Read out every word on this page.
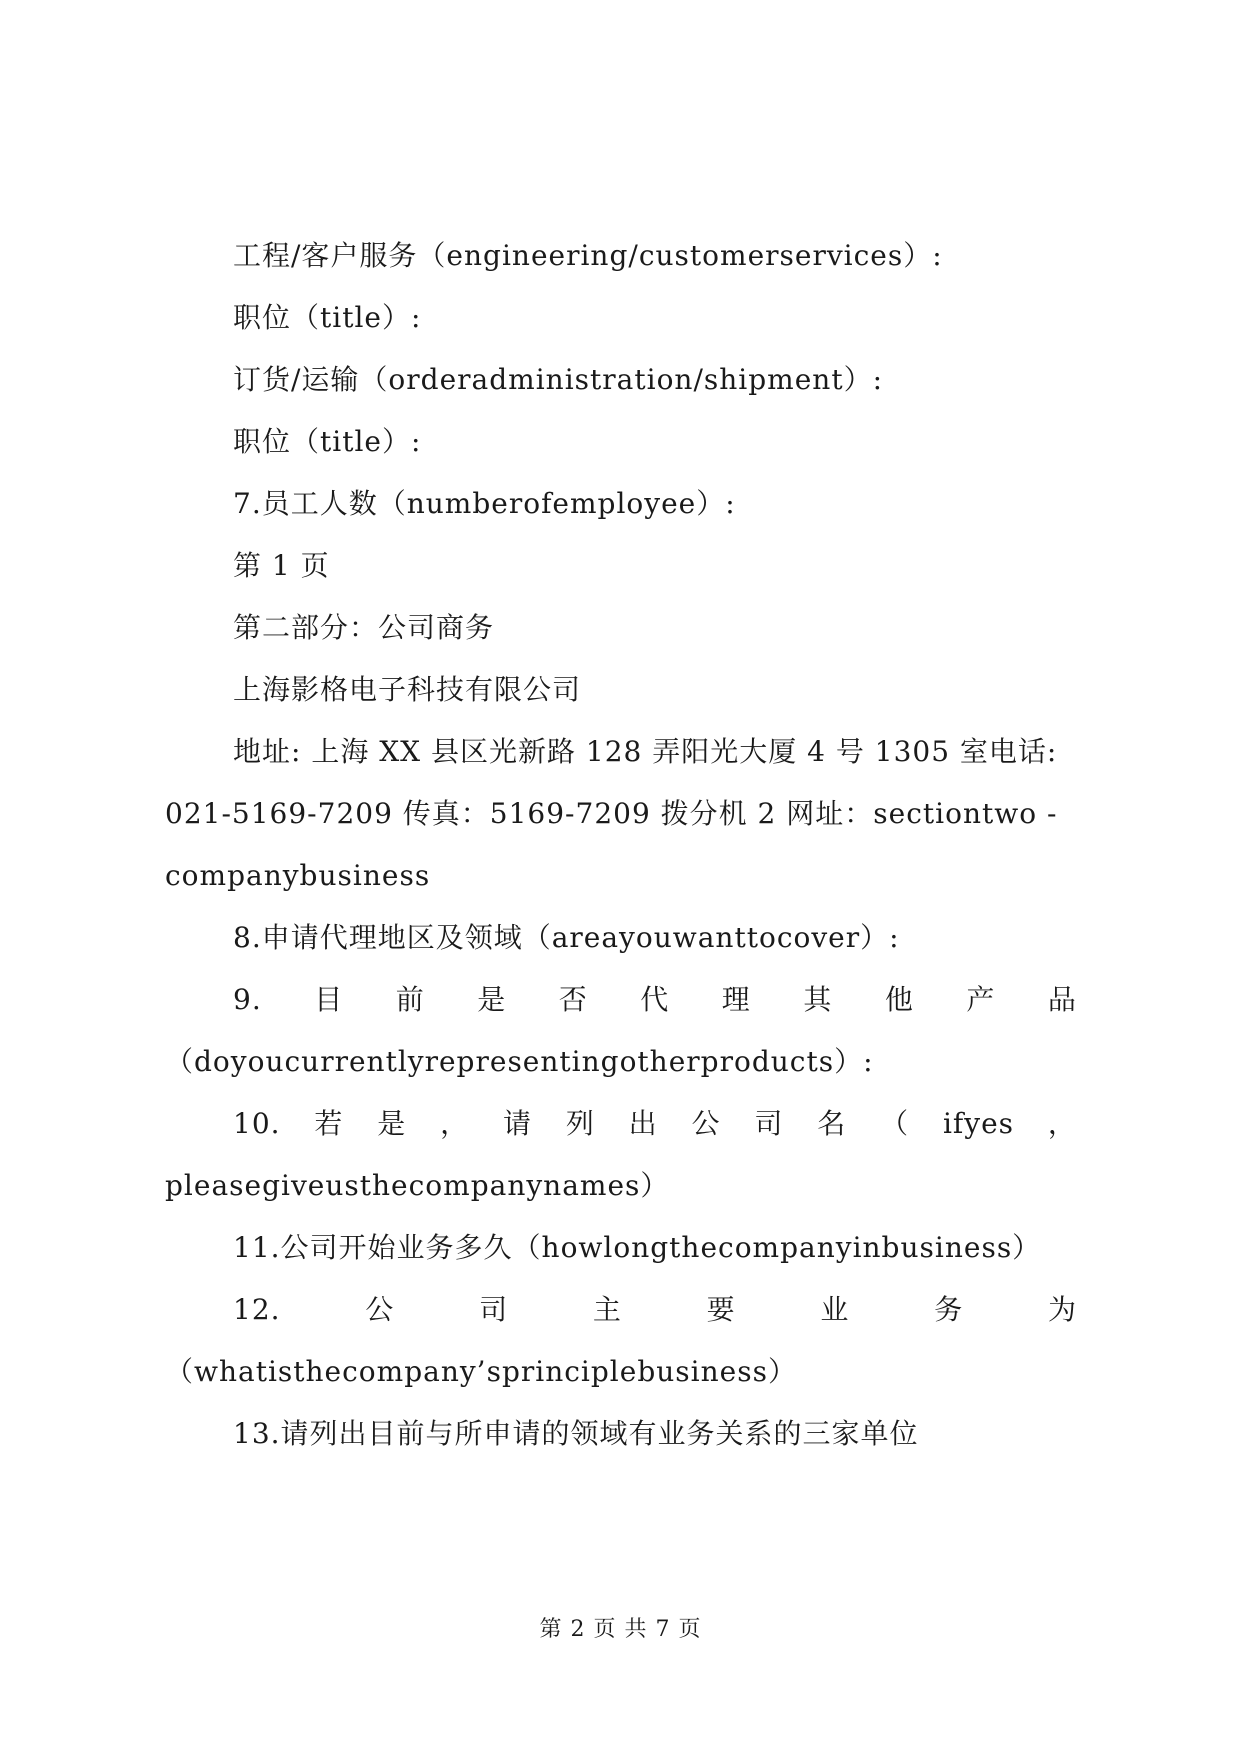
工程/客户服务（engineering/customerservices）:

职位（title）:

订货/运输（orderadministration/shipment）:

职位（title）:

7.员工人数（numberofemployee）:

第 1 页

第二部分：公司商务

上海影格电子科技有限公司

地址: 上海 XX 县区光新路 128 弄阳光大厦 4 号 1305 室电话:

021-5169-7209 传真：5169-7209 拨分机 2 网址：sectiontwo -

companybusiness

8.申请代理地区及领域（areayouwanttocover）:

9. 目 前 是 否 代 理 其 他 产 品

（doyoucurrentlyrepresentingotherproducts）:

10. 若 是 ， 请 列 出 公 司 名 （ ifyes ，

pleasegiveusthecompanynames）

11.公司开始业务多久（howlongthecompanyinbusiness）

12.	公	司	主	要	业	务	为

（whatisthecompany’sprinciplebusiness）

13.请列出目前与所申请的领域有业务关系的三家单位

第 2 页 共 7 页
